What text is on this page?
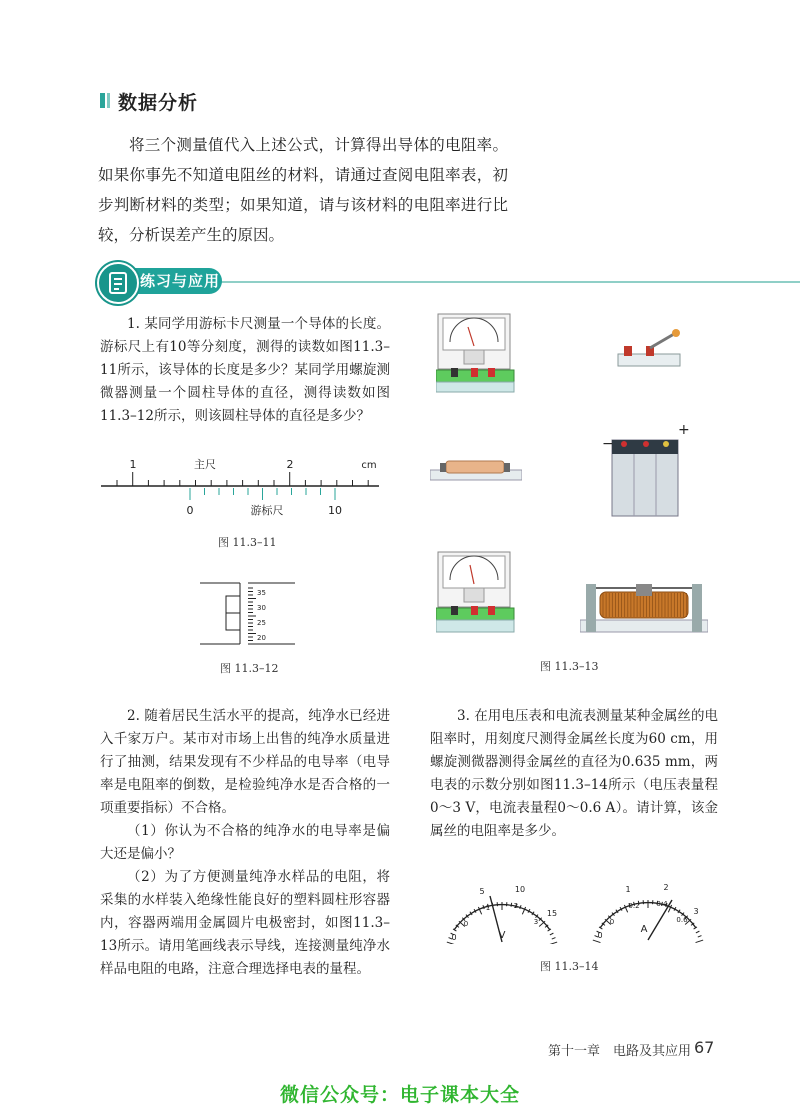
数据分析

将三个测量值代入上述公式，计算得出导体的电阻率。如果你事先不知道电阻丝的材料，请通过查阅电阻率表，初步判断材料的类型；如果知道，请与该材料的电阻率进行比较，分析误差产生的原因。

练习与应用

1. 某同学用游标卡尺测量一个导体的长度。游标尺上有10等分刻度，测得的读数如图11.3–11所示，该导体的长度是多少？某同学用螺旋测微器测量一个圆柱导体的直径，测得读数如图11.3–12所示，则该圆柱导体的直径是多少？

1	主尺	2	cm
0	游标尺	10
图 11.3–11
35
30
25
20
图 11.3–12
−
+
图 11.3–13

2. 随着居民生活水平的提高，纯净水已经进入千家万户。某市对市场上出售的纯净水质量进行了抽测，结果发现有不少样品的电导率（电导率是电阻率的倒数，是检验纯净水是否合格的一项重要指标）不合格。

（1）你认为不合格的纯净水的电导率是偏大还是偏小？

（2）为了方便测量纯净水样品的电阻，将采集的水样装入绝缘性能良好的塑料圆柱形容器内，容器两端用金属圆片电极密封，如图11.3–13所示。请用笔画线表示导线，连接测量纯净水样品电阻的电路，注意合理选择电表的量程。

3. 在用电压表和电流表测量某种金属丝的电阻率时，用刻度尺测得金属丝长度为60 cm，用螺旋测微器测得金属丝的直径为0.635 mm，两电表的示数分别如图11.3–14所示（电压表量程0～3 V，电流表量程0～0.6 A）。请计算，该金属丝的电阻率是多少。

0
5	10
15
0
1	2
3
V	0
1	2
3
0
0.2 0.4
0.6
A
图 11.3–14
第十一章　电路及其应用 67
微信公众号：电子课本大全
